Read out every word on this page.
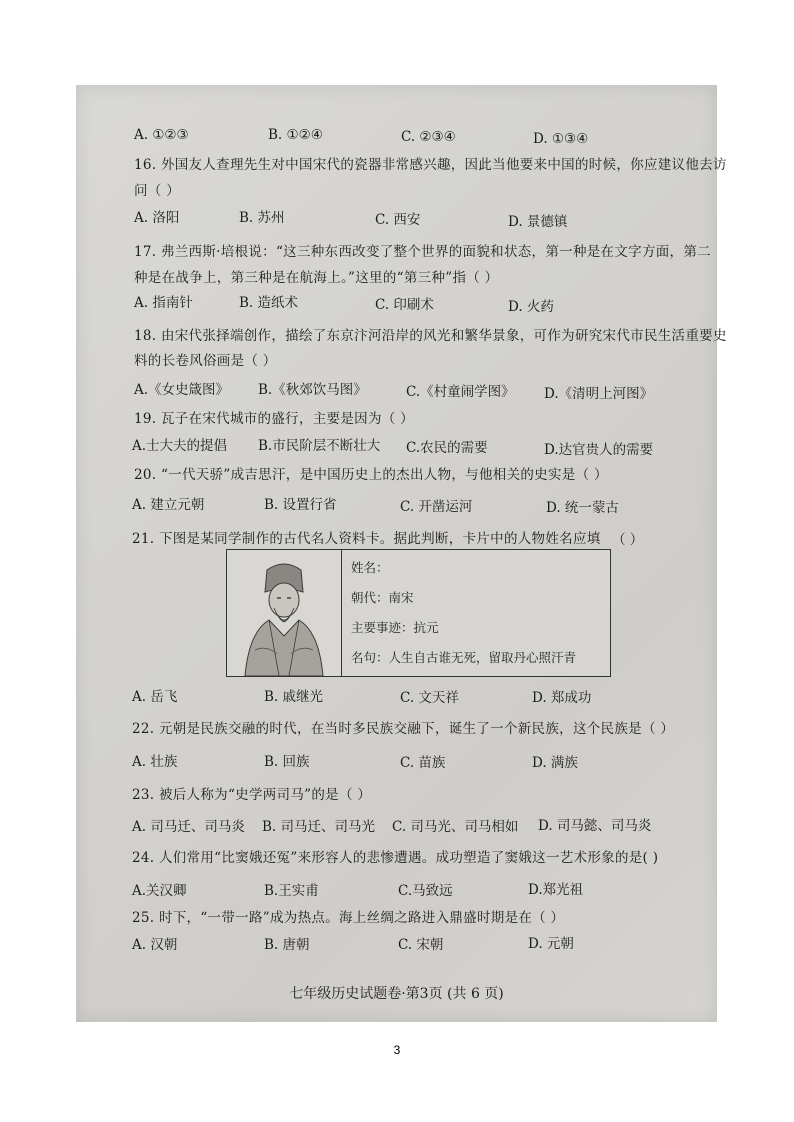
A. ①②③	B. ①②④	C. ②③④	D. ①③④
16. 外国友人查理先生对中国宋代的瓷器非常感兴趣，因此当他要来中国的时候，你应建议他去访
问（ ）
A. 洛阳	B. 苏州	C. 西安	D. 景德镇
17. 弗兰西斯·培根说：“这三种东西改变了整个世界的面貌和状态，第一种是在文字方面，第二
种是在战争上，第三种是在航海上。”这里的“第三种”指（ ）
A. 指南针	B. 造纸术	C. 印刷术	D. 火药
18. 由宋代张择端创作，描绘了东京汴河沿岸的风光和繁华景象，可作为研究宋代市民生活重要史
料的长卷风俗画是（ ）
A.《女史箴图》 B.《秋郊饮马图》	C.《村童闹学图》 D.《清明上河图》
19. 瓦子在宋代城市的盛行，主要是因为（ ）
A.士大夫的提倡 B.市民阶层不断壮大 C.农民的需要	D.达官贵人的需要
20. “一代天骄”成吉思汗，是中国历史上的杰出人物，与他相关的史实是（ ）
A. 建立元朝	B. 设置行省	C. 开凿运河	D. 统一蒙古
21. 下图是某同学制作的古代名人资料卡。据此判断，卡片中的人物姓名应填 （ ）
姓名：
朝代：南宋
主要事迹：抗元
名句：人生自古谁无死，留取丹心照汗青
A. 岳飞	B. 戚继光	C. 文天祥	D. 郑成功
22. 元朝是民族交融的时代，在当时多民族交融下，诞生了一个新民族，这个民族是（ ）
A. 壮族	B. 回族	C. 苗族	D. 满族
23. 被后人称为“史学两司马”的是（ ）
A. 司马迁、司马炎 B. 司马迁、司马光 C. 司马光、司马相如 D. 司马懿、司马炎
24. 人们常用“比窦娥还冤”来形容人的悲惨遭遇。成功塑造了窦娥这一艺术形象的是( )
A.关汉卿	B.王实甫	C.马致远	D.郑光祖
25. 时下，“一带一路”成为热点。海上丝绸之路进入鼎盛时期是在（ ）
A. 汉朝	B. 唐朝	C. 宋朝	D. 元朝
七年级历史试题卷·第3页 (共 6 页)
3
